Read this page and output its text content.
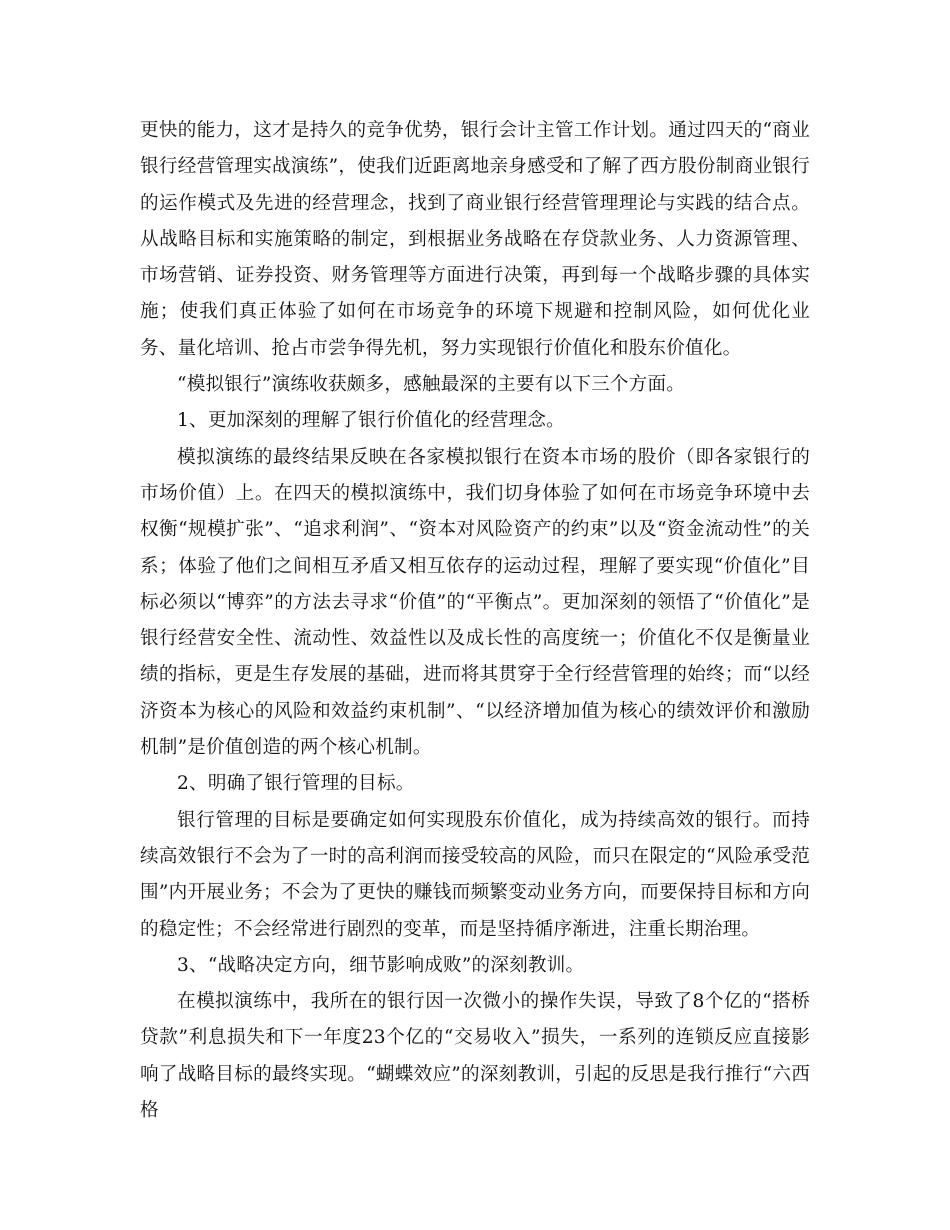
更快的能力，这才是持久的竞争优势，银行会计主管工作计划。通过四天的“商业银行经营管理实战演练”，使我们近距离地亲身感受和了解了西方股份制商业银行的运作模式及先进的经营理念，找到了商业银行经营管理理论与实践的结合点。从战略目标和实施策略的制定，到根据业务战略在存贷款业务、人力资源管理、市场营销、证券投资、财务管理等方面进行决策，再到每一个战略步骤的具体实施；使我们真正体验了如何在市场竞争的环境下规避和控制风险，如何优化业务、量化培训、抢占市尝争得先机，努力实现银行价值化和股东价值化。

“模拟银行”演练收获颇多，感触最深的主要有以下三个方面。

1、更加深刻的理解了银行价值化的经营理念。

模拟演练的最终结果反映在各家模拟银行在资本市场的股价（即各家银行的市场价值）上。在四天的模拟演练中，我们切身体验了如何在市场竞争环境中去权衡“规模扩张”、“追求利润”、“资本对风险资产的约束”以及“资金流动性”的关系；体验了他们之间相互矛盾又相互依存的运动过程，理解了要实现“价值化”目标必须以“博弈”的方法去寻求“价值”的“平衡点”。更加深刻的领悟了“价值化”是银行经营安全性、流动性、效益性以及成长性的高度统一；价值化不仅是衡量业绩的指标，更是生存发展的基础，进而将其贯穿于全行经营管理的始终；而“以经济资本为核心的风险和效益约束机制”、“以经济增加值为核心的绩效评价和激励机制”是价值创造的两个核心机制。

2、明确了银行管理的目标。

银行管理的目标是要确定如何实现股东价值化，成为持续高效的银行。而持续高效银行不会为了一时的高利润而接受较高的风险，而只在限定的“风险承受范围”内开展业务；不会为了更快的赚钱而频繁变动业务方向，而要保持目标和方向的稳定性；不会经常进行剧烈的变革，而是坚持循序渐进，注重长期治理。

3、“战略决定方向，细节影响成败”的深刻教训。

在模拟演练中，我所在的银行因一次微小的操作失误，导致了8个亿的“搭桥贷款”利息损失和下一年度23个亿的“交易收入”损失，一系列的连锁反应直接影响了战略目标的最终实现。“蝴蝶效应”的深刻教训，引起的反思是我行推行“六西格
